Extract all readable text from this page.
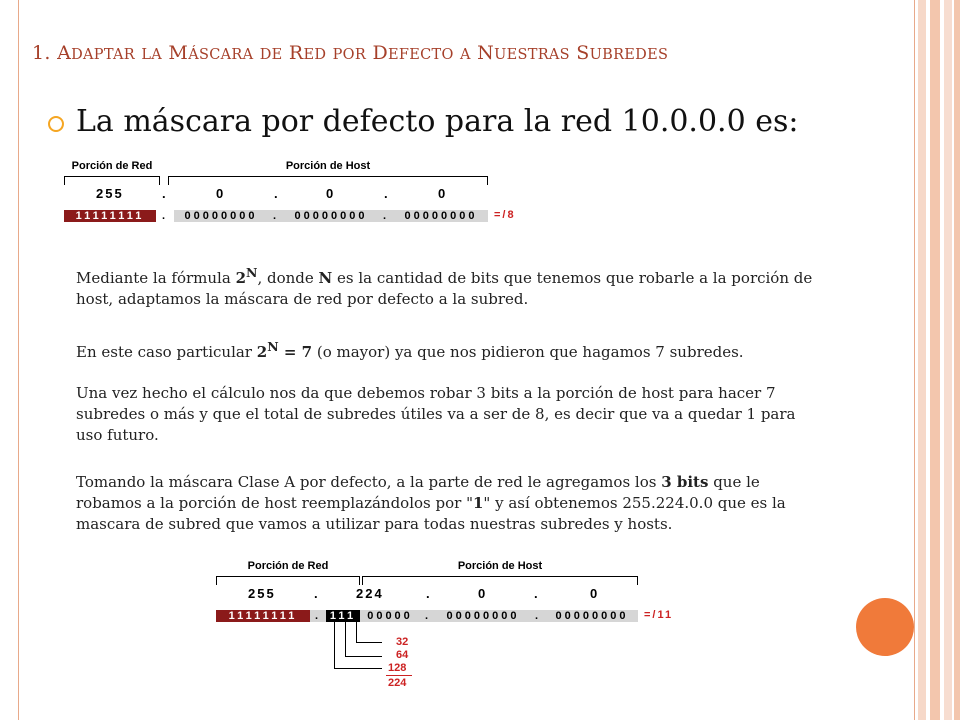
1. ADAPTAR LA MÁSCARA DE RED POR DEFECTO A NUESTRAS SUBREDES
La máscara por defecto para la red 10.0.0.0 es:
Porción de Red	Porción de Host
255	.	0	.	0	.	0
11111111	.	00000000	.	00000000	.	00000000	=/8
Mediante la fórmula $2^N$, donde N es la cantidad de bits que tenemos que robarle a la porción de host, adaptamos la máscara de red por defecto a la subred.
En este caso particular $2^N = 7$ (o mayor) ya que nos pidieron que hagamos 7 subredes.
Una vez hecho el cálculo nos da que debemos robar 3 bits a la porción de host para hacer 7 subredes o más y que el total de subredes útiles va a ser de 8, es decir que va a quedar 1 para uso futuro.
Tomando la máscara Clase A por defecto, a la parte de red le agregamos los 3 bits que le robamos a la porción de host reemplazándolos por "1" y así obtenemos 255.224.0.0 que es la mascara de subred que vamos a utilizar para todas nuestras subredes y hosts.
Porción de Red	Porción de Host
255	.	224	.	0	.	0
11111111	. 111	00000	.	00000000	.	00000000	=/11
32
64
128
224
